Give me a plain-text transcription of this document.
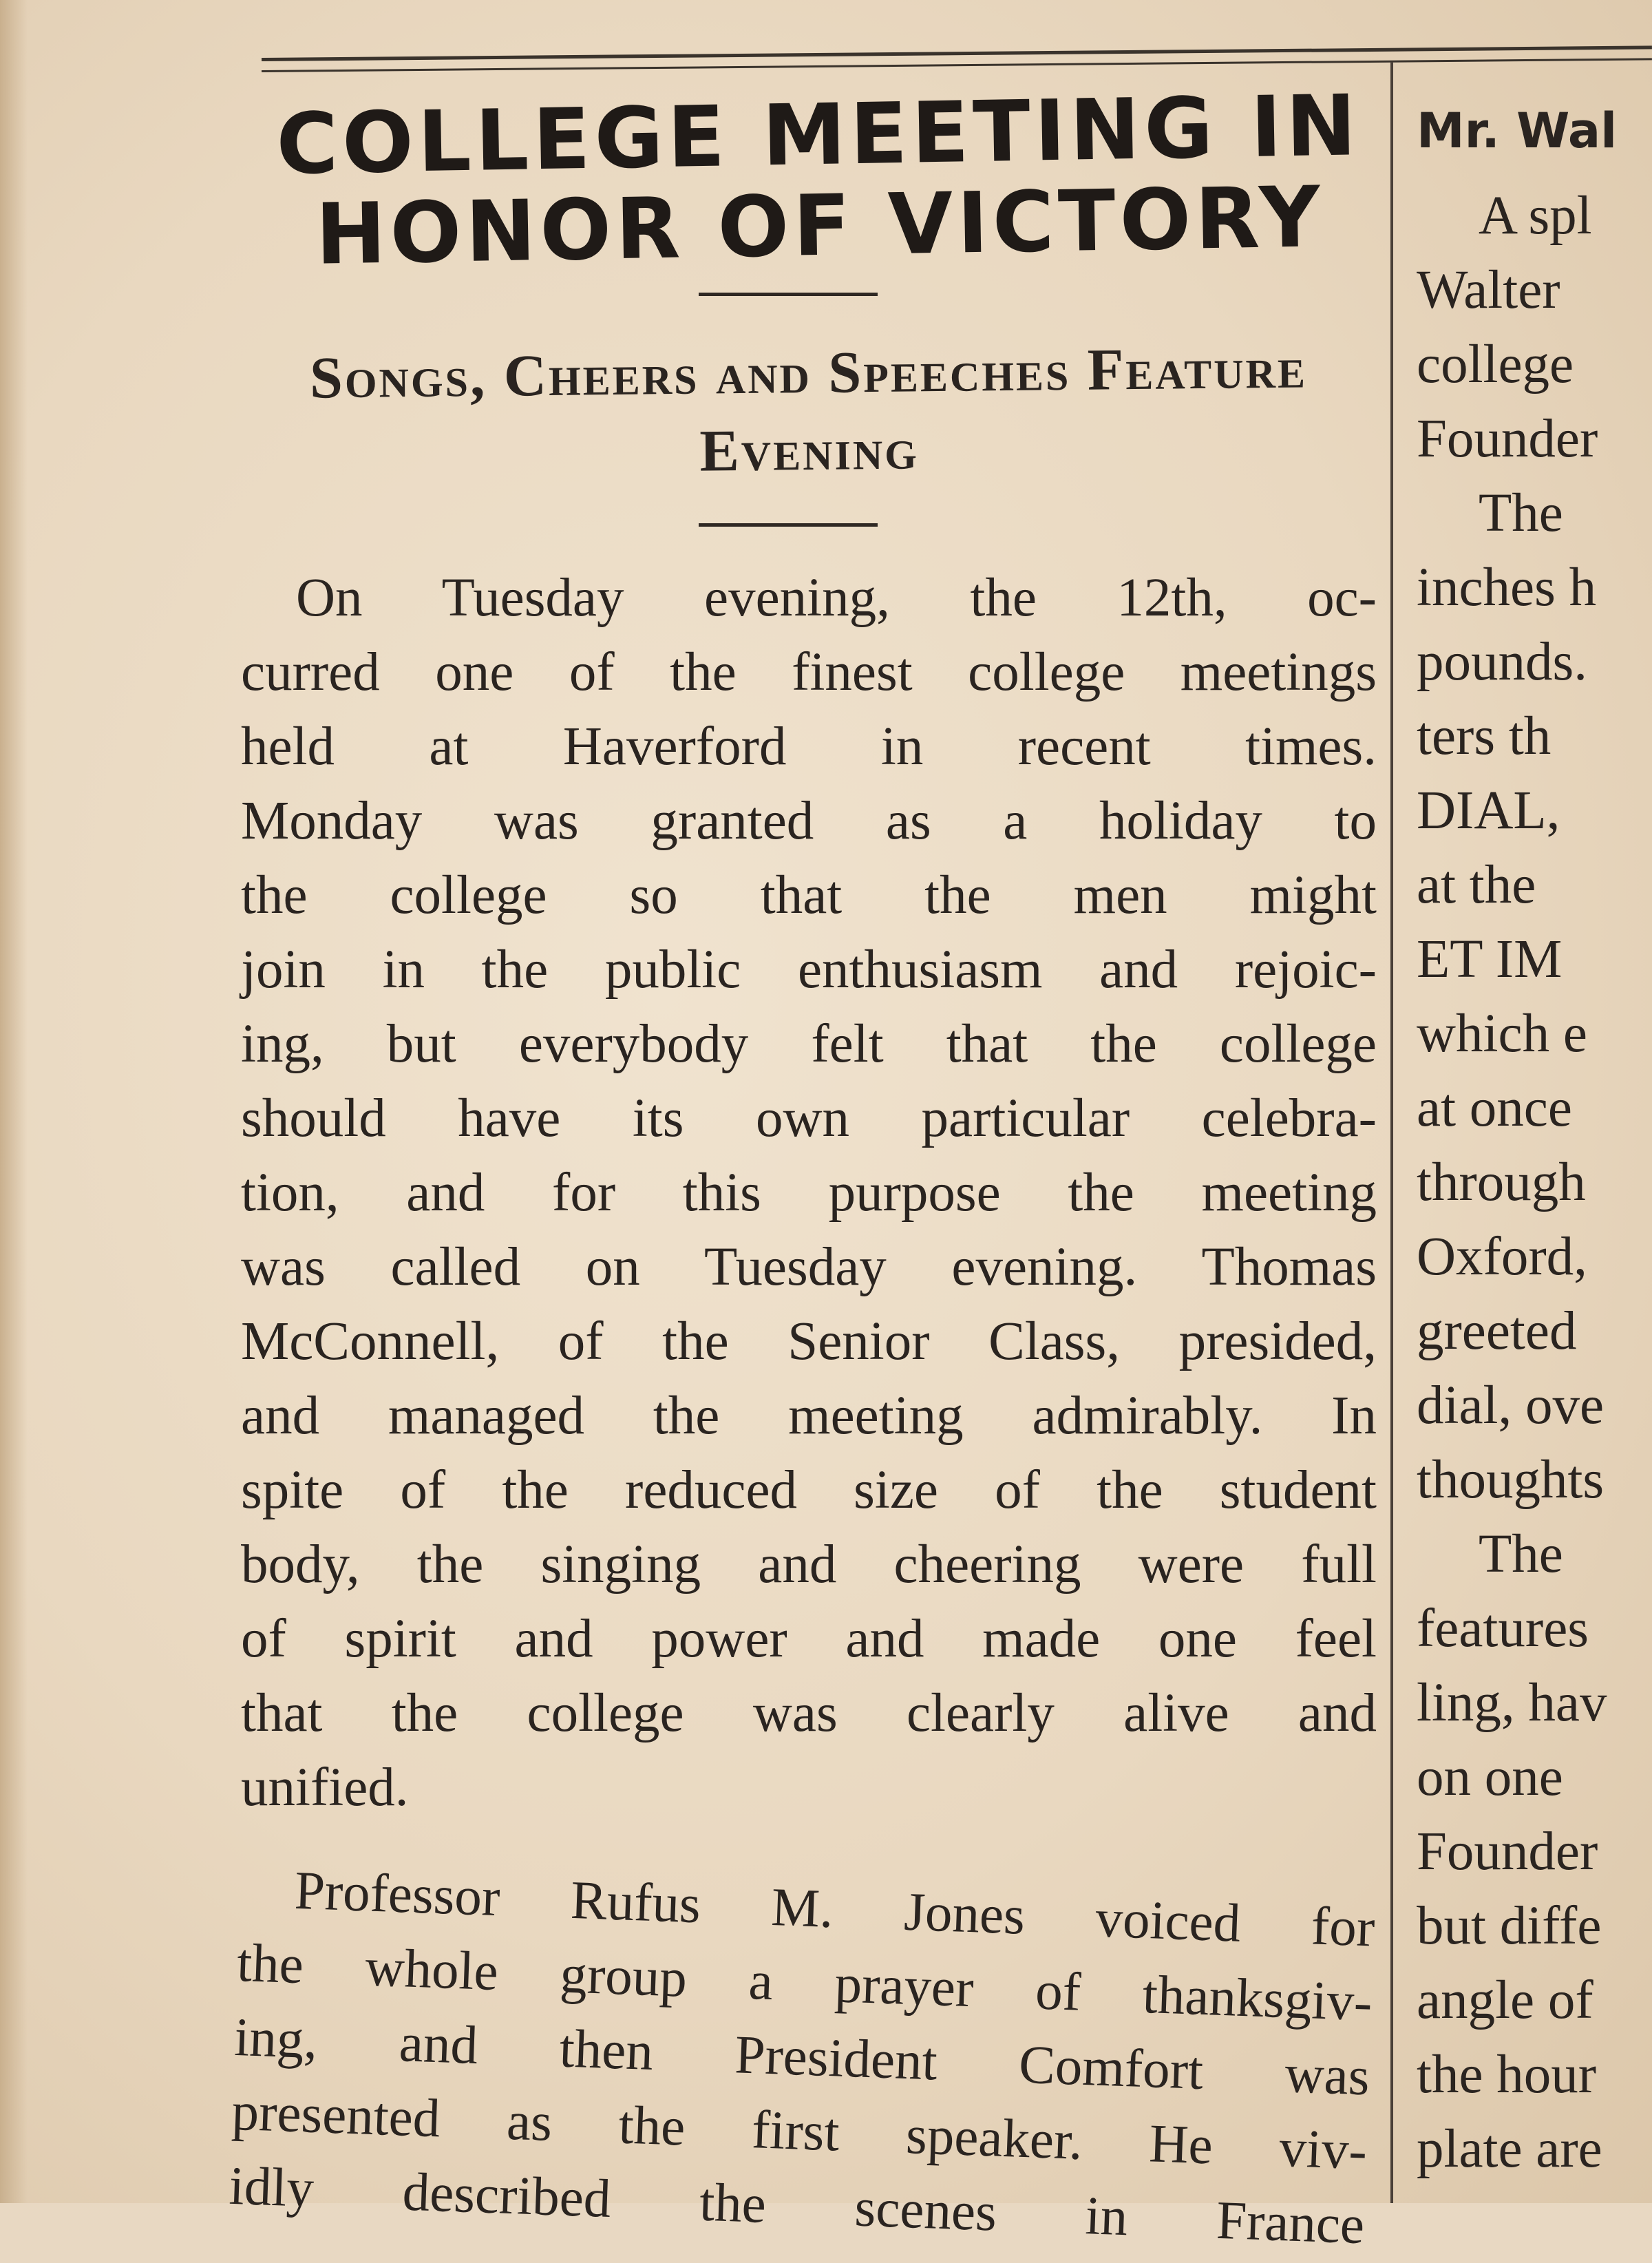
COLLEGE MEETING IN
HONOR OF VICTORY
Songs, Cheers and Speeches Feature
Evening

On Tuesday evening, the 12th, oc-
curred one of the finest college meetings
held at Haverford in recent times.
Monday was granted as a holiday to
the college so that the men might
join in the public enthusiasm and rejoic-
ing, but everybody felt that the college
should have its own particular celebra-
tion, and for this purpose the meeting
was called on Tuesday evening. Thomas
McConnell, of the Senior Class, presided,
and managed the meeting admirably. In
spite of the reduced size of the student
body, the singing and cheering were full
of spirit and power and made one feel
that the college was clearly alive and
unified.

Professor Rufus M. Jones voiced for
the whole group a prayer of thanksgiv-
ing, and then President Comfort was
presented as the first speaker. He viv-
idly described the scenes in France

Mr. Wal

A spl
Walter
college
Founder
The
inches h
pounds.
ters th
DIAL,
at the
ET IM
which e
at once
through
Oxford,
greeted
dial, ove
thoughts
The
features
ling, hav
on one
Founder
but diffe
angle of
the hour
plate are
